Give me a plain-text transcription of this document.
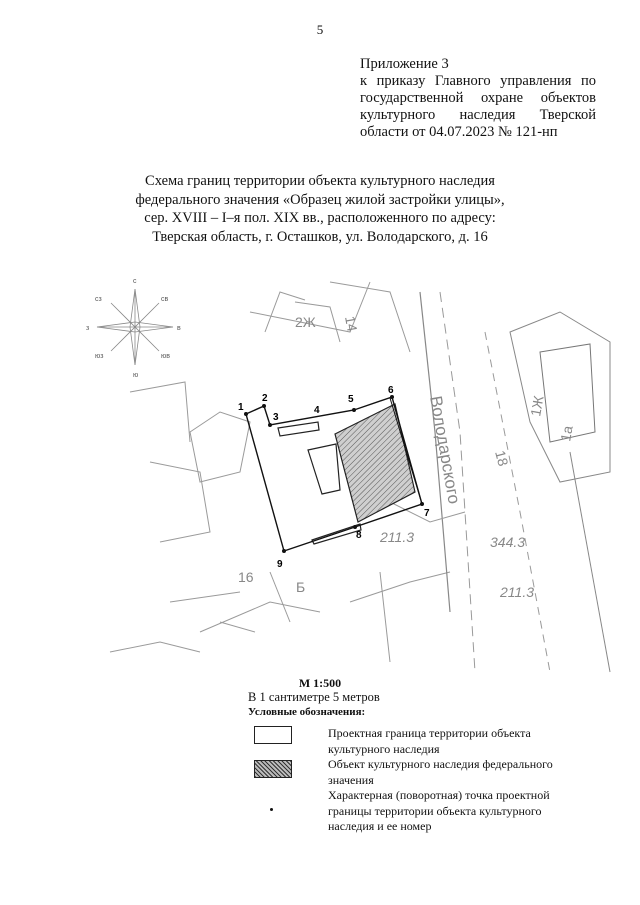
5
Приложение 3
к приказу Главного управления по
государственной охране объектов
культурного наследия Тверской
области от 04.07.2023 № 121-нп
Схема границ территории объекта культурного наследия
федерального значения «Образец жилой застройки улицы»,
сер. XVIII – I–я пол. XIX вв., расположенного по адресу:
Тверская область, г. Осташков, ул. Володарского, д. 16
с
ю
в
з
св
сз
юв
юз
Володарского
211.3	344.3
211.3
14
16
18
1а
2Ж
1Ж
Б
1
2
3
4
5
6
7
8
9
М 1:500
В 1 сантиметре 5 метров
Условные обозначения:
Проектная граница территории объекта культурного наследия
Объект культурного наследия федерального значения
Характерная (поворотная) точка проектной границы территории объекта культурного наследия и ее номер
